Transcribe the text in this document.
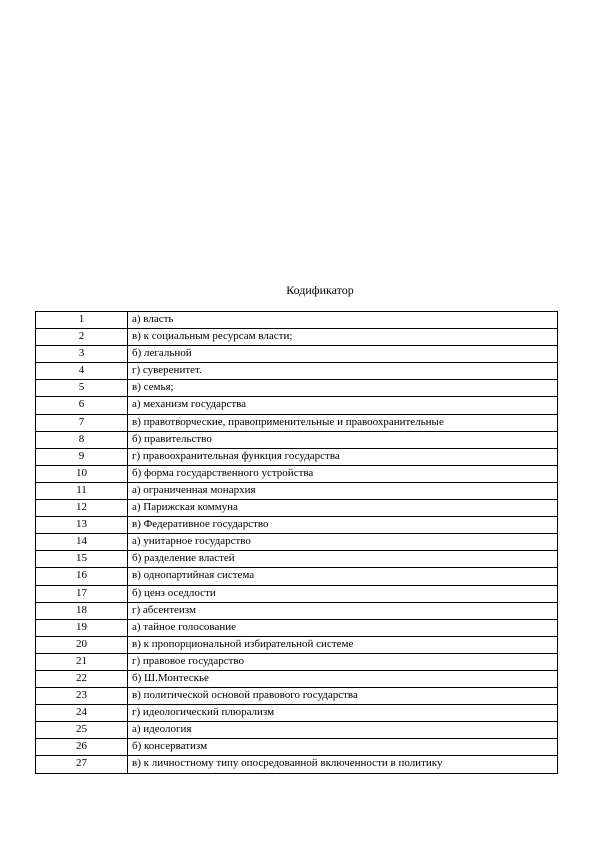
Кодификатор
1	а) власть
2	в) к социальным ресурсам власти;
3	б) легальной
4	г) суверенитет.
5	в) семья;
6	а) механизм государства
7	в) правотворческие, правоприменительные и правоохранительные
8	б) правительство
9	г) правоохранительная функция государства
10	б) форма государственного устройства
11	а) ограниченная монархия
12	а) Парижская коммуна
13	в) Федеративное государство
14	а) унитарное государство
15	б) разделение властей
16	в) однопартийная система
17	б) ценз оседлости
18	г) абсентеизм
19	а) тайное голосование
20	в) к пропорциональной избирательной системе
21	г) правовое государство
22	б) Ш.Монтескье
23	в) политической основой правового государства
24	г) идеологический плюрализм
25	а) идеология
26	б) консерватизм
27	в) к личностному типу опосредованной включенности в политику
